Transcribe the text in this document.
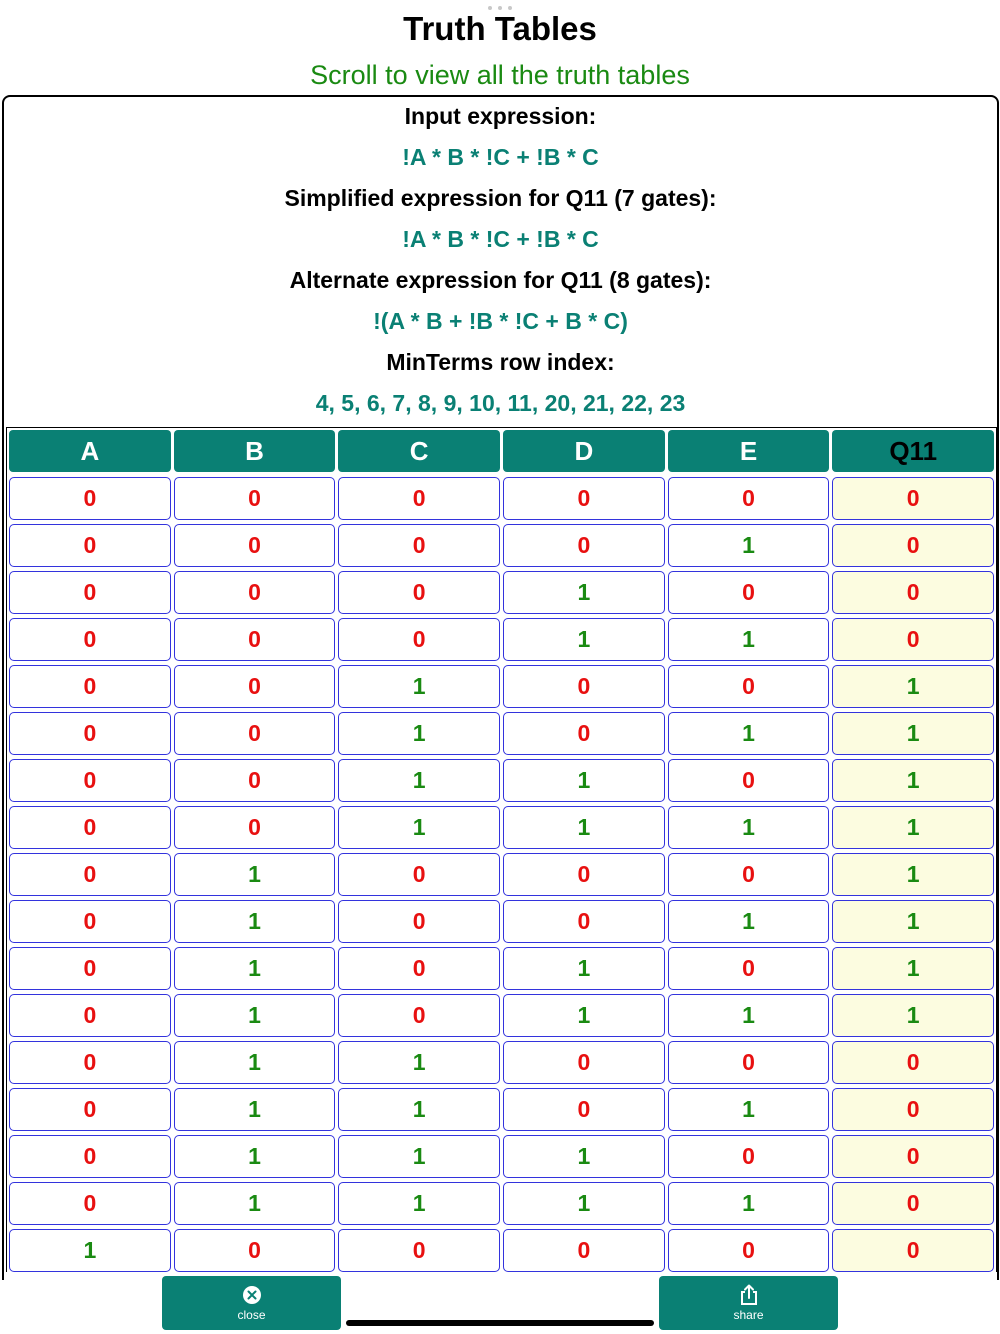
Truth Tables
Scroll to view all the truth tables
Input expression:
!A * B * !C + !B * C
Simplified expression for Q11 (7 gates):
!A * B * !C + !B * C
Alternate expression for Q11 (8 gates):
!(A * B + !B * !C + B * C)
MinTerms row index:
4, 5, 6, 7, 8, 9, 10, 11, 20, 21, 22, 23
A	B	C	D	E	Q11
0	0	0	0	0	0
0	0	0	0	1	0
0	0	0	1	0	0
0	0	0	1	1	0
0	0	1	0	0	1
0	0	1	0	1	1
0	0	1	1	0	1
0	0	1	1	1	1
0	1	0	0	0	1
0	1	0	0	1	1
0	1	0	1	0	1
0	1	0	1	1	1
0	1	1	0	0	0
0	1	1	0	1	0
0	1	1	1	0	0
0	1	1	1	1	0
1	0	0	0	0	0
close	share
